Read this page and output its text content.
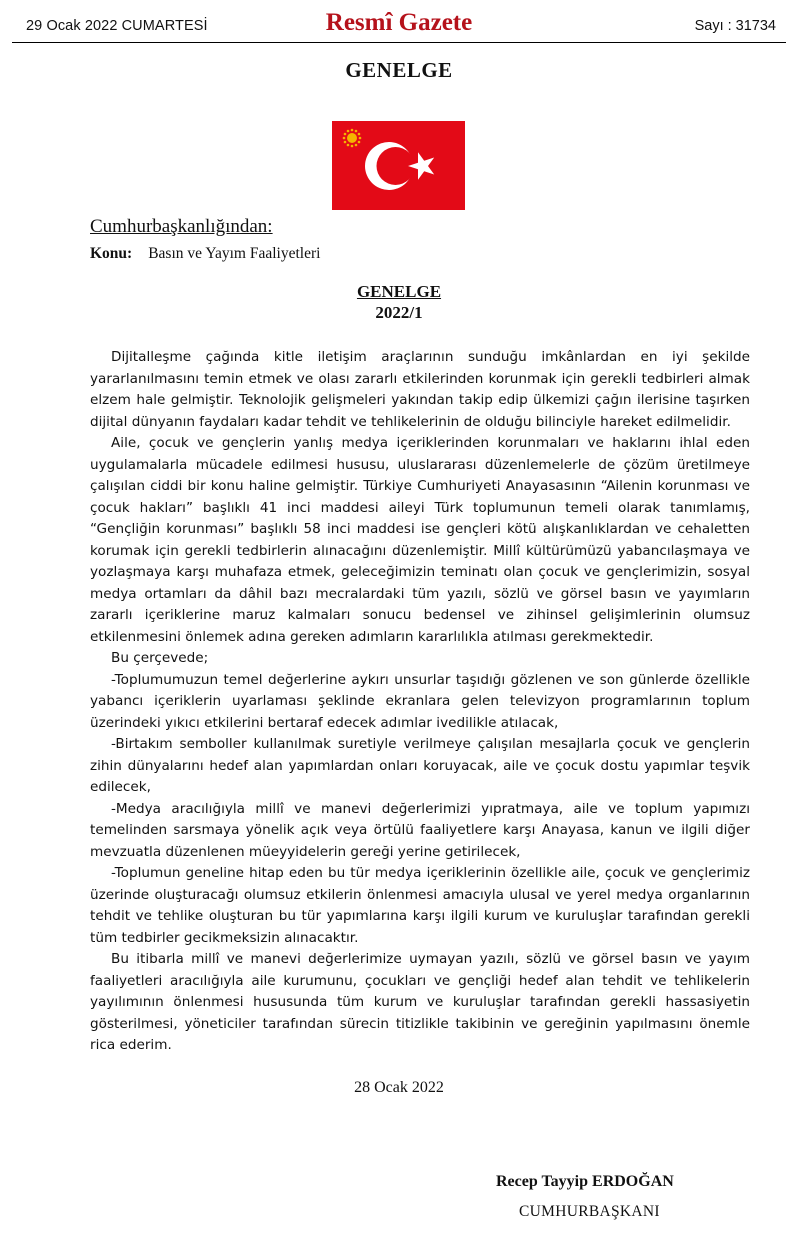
29 Ocak 2022 CUMARTESİ	Resmî Gazete	Sayı : 31734
GENELGE
Cumhurbaşkanlığından:
Konu: Basın ve Yayım Faaliyetleri
GENELGE
2022/1

Dijitalleşme çağında kitle iletişim araçlarının sunduğu imkânlardan en iyi şekilde yararlanılmasını temin etmek ve olası zararlı etkilerinden korunmak için gerekli tedbirleri almak elzem hale gelmiştir. Teknolojik gelişmeleri yakından takip edip ülkemizi çağın ilerisine taşırken dijital dünyanın faydaları kadar tehdit ve tehlikelerinin de olduğu bilinciyle hareket edilmelidir.

Aile, çocuk ve gençlerin yanlış medya içeriklerinden korunmaları ve haklarını ihlal eden uygulamalarla mücadele edilmesi hususu, uluslararası düzenlemelerle de çözüm üretilmeye çalışılan ciddi bir konu haline gelmiştir. Türkiye Cumhuriyeti Anayasasının “Ailenin korunması ve çocuk hakları” başlıklı 41 inci maddesi aileyi Türk toplumunun temeli olarak tanımlamış, “Gençliğin korunması” başlıklı 58 inci maddesi ise gençleri kötü alışkanlıklardan ve cehaletten korumak için gerekli tedbirlerin alınacağını düzenlemiştir. Millî kültürümüzü yabancılaşmaya ve yozlaşmaya karşı muhafaza etmek, geleceğimizin teminatı olan çocuk ve gençlerimizin, sosyal medya ortamları da dâhil bazı mecralardaki tüm yazılı, sözlü ve görsel basın ve yayımların zararlı içeriklerine maruz kalmaları sonucu bedensel ve zihinsel gelişimlerinin olumsuz etkilenmesini önlemek adına gereken adımların kararlılıkla atılması gerekmektedir.

Bu çerçevede;

-Toplumumuzun temel değerlerine aykırı unsurlar taşıdığı gözlenen ve son günlerde özellikle yabancı içeriklerin uyarlaması şeklinde ekranlara gelen televizyon programlarının toplum üzerindeki yıkıcı etkilerini bertaraf edecek adımlar ivedilikle atılacak,

-Birtakım semboller kullanılmak suretiyle verilmeye çalışılan mesajlarla çocuk ve gençlerin zihin dünyalarını hedef alan yapımlardan onları koruyacak, aile ve çocuk dostu yapımlar teşvik edilecek,

-Medya aracılığıyla millî ve manevi değerlerimizi yıpratmaya, aile ve toplum yapımızı temelinden sarsmaya yönelik açık veya örtülü faaliyetlere karşı Anayasa, kanun ve ilgili diğer mevzuatla düzenlenen müeyyidelerin gereği yerine getirilecek,

-Toplumun geneline hitap eden bu tür medya içeriklerinin özellikle aile, çocuk ve gençlerimiz üzerinde oluşturacağı olumsuz etkilerin önlenmesi amacıyla ulusal ve yerel medya organlarının tehdit ve tehlike oluşturan bu tür yapımlarına karşı ilgili kurum ve kuruluşlar tarafından gerekli tüm tedbirler gecikmeksizin alınacaktır.

Bu itibarla millî ve manevi değerlerimize uymayan yazılı, sözlü ve görsel basın ve yayım faaliyetleri aracılığıyla aile kurumunu, çocukları ve gençliği hedef alan tehdit ve tehlikelerin yayılımının önlenmesi hususunda tüm kurum ve kuruluşlar tarafından gerekli hassasiyetin gösterilmesi, yöneticiler tarafından sürecin titizlikle takibinin ve gereğinin yapılmasını önemle rica ederim.

28 Ocak 2022
Recep Tayyip ERDOĞAN
CUMHURBAŞKANI
